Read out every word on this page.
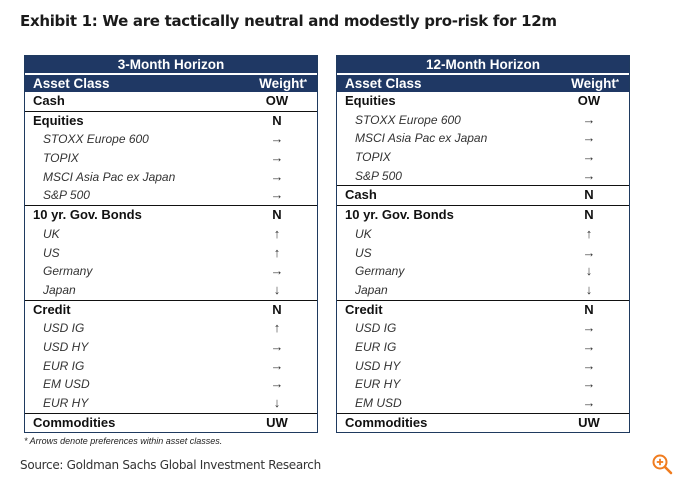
Exhibit 1: We are tactically neutral and modestly pro-risk for 12m
3-Month Horizon
Asset Class	Weight*
Cash	OW
Equities	N
STOXX Europe 600	→
TOPIX	→
MSCI Asia Pac ex Japan	→
S&P 500	→
10 yr. Gov. Bonds	N
UK	↑
US	↑
Germany	→
Japan	↓
Credit	N
USD IG	↑
USD HY	→
EUR IG	→
EM USD	→
EUR HY	↓
Commodities	UW
12-Month Horizon
Asset Class	Weight*
Equities	OW
STOXX Europe 600	→
MSCI Asia Pac ex Japan	→
TOPIX	→
S&P 500	→
Cash	N
10 yr. Gov. Bonds	N
UK	↑
US	→
Germany	↓
Japan	↓
Credit	N
USD IG	→
EUR IG	→
USD HY	→
EUR HY	→
EM USD	→
Commodities	UW
* Arrows denote preferences within asset classes.
Source: Goldman Sachs Global Investment Research
